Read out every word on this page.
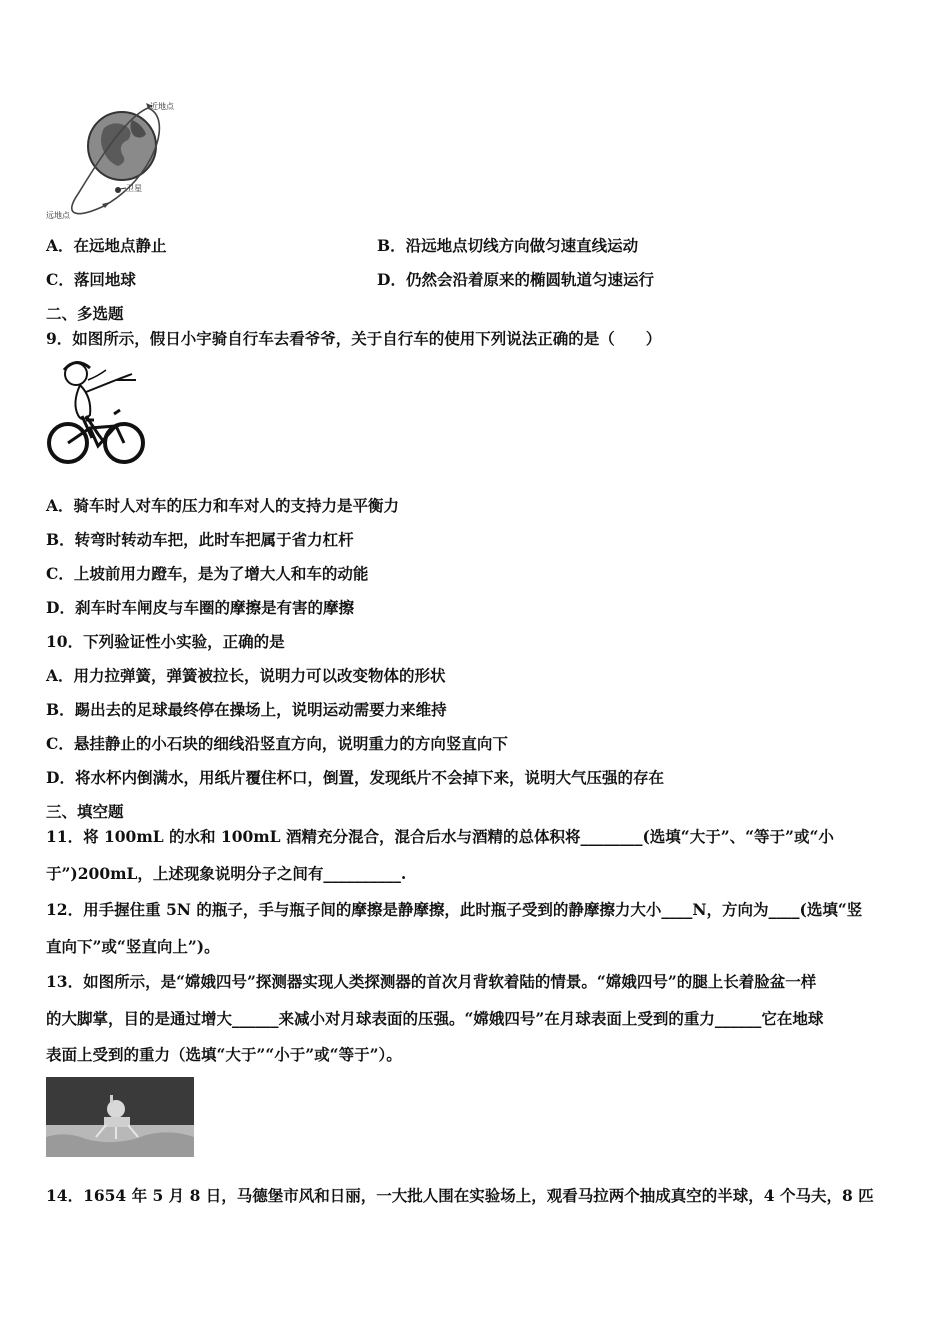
近地点
卫星
远地点
A．在远地点静止	B．沿远地点切线方向做匀速直线运动
C．落回地球	D．仍然会沿着原来的椭圆轨道匀速运行
二、多选题
9．如图所示，假日小宇骑自行车去看爷爷，关于自行车的使用下列说法正确的是（　　）
A．骑车时人对车的压力和车对人的支持力是平衡力
B．转弯时转动车把，此时车把属于省力杠杆
C．上坡前用力蹬车，是为了增大人和车的动能
D．刹车时车闸皮与车圈的摩擦是有害的摩擦
10．下列验证性小实验，正确的是
A．用力拉弹簧，弹簧被拉长，说明力可以改变物体的形状
B．踢出去的足球最终停在操场上，说明运动需要力来维持
C．悬挂静止的小石块的细线沿竖直方向，说明重力的方向竖直向下
D．将水杯内倒满水，用纸片覆住杯口，倒置，发现纸片不会掉下来，说明大气压强的存在
三、填空题
11．将 100mL 的水和 100mL 酒精充分混合，混合后水与酒精的总体积将________(选填“大于”、“等于”或“小
于”)200mL，上述现象说明分子之间有__________.
12．用手握住重 5N 的瓶子，手与瓶子间的摩擦是静摩擦，此时瓶子受到的静摩擦力大小____N，方向为____(选填“竖
直向下”或“竖直向上”)。
13．如图所示，是“嫦娥四号”探测器实现人类探测器的首次月背软着陆的情景。“嫦娥四号”的腿上长着脸盆一样
的大脚掌，目的是通过增大______来减小对月球表面的压强。“嫦娥四号”在月球表面上受到的重力______它在地球
表面上受到的重力（选填“大于”“小于”或“等于”）。
14．1654 年 5 月 8 日，马德堡市风和日丽，一大批人围在实验场上，观看马拉两个抽成真空的半球，4 个马夫，8 匹
